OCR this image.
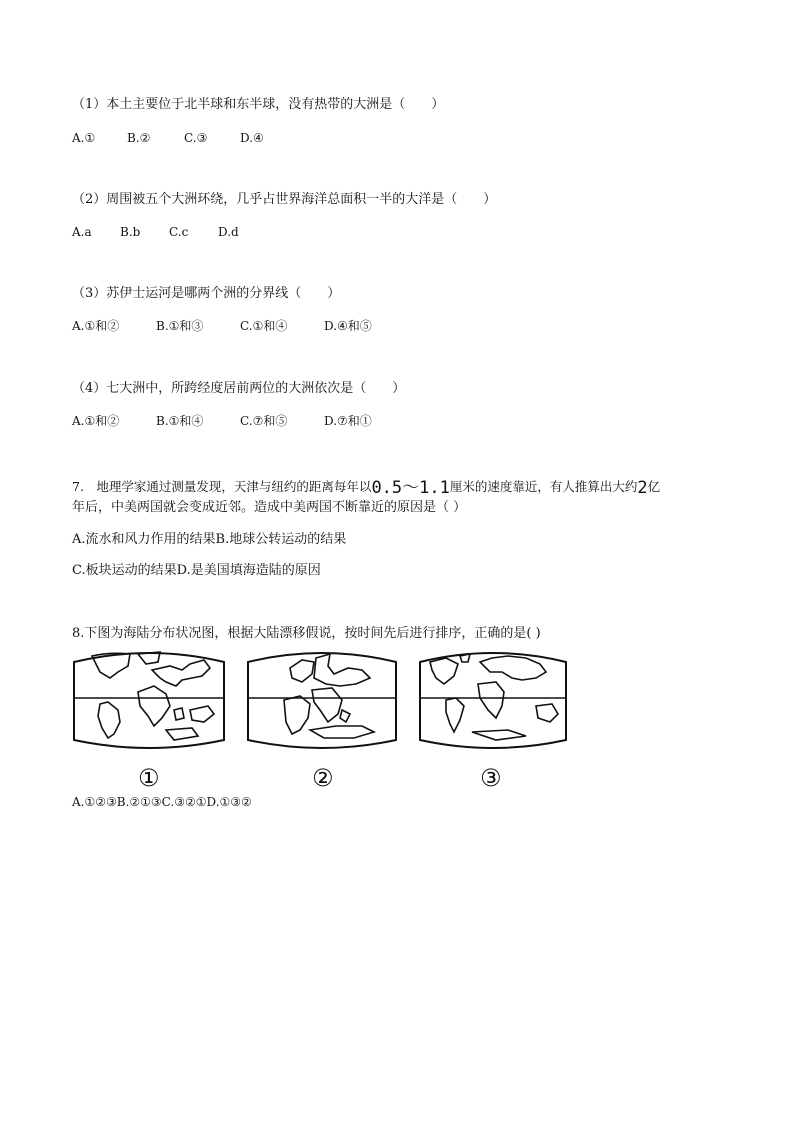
（1）本土主要位于北半球和东半球，没有热带的大洲是（　　）
A.①	B.②	C.③	D.④
（2）周围被五个大洲环绕，几乎占世界海洋总面积一半的大洋是（　　）
A.a B.b C.c D.d
（3）苏伊士运河是哪两个洲的分界线（　　）
A.①和②	B.①和③	C.①和④	D.④和⑤
（4）七大洲中，所跨经度居前两位的大洲依次是（　　）
A.①和②	B.①和④	C.⑦和⑤	D.⑦和①
7.　地理学家通过测量发现，天津与纽约的距离每年以0.5～1.1厘米的速度靠近，有人推算出大约2亿
年后，中美两国就会变成近邻。造成中美两国不断靠近的原因是（ ）
A.流水和风力作用的结果B.地球公转运动的结果
C.板块运动的结果D.是美国填海造陆的原因
8.下图为海陆分布状况图，根据大陆漂移假说，按时间先后进行排序，正确的是( )
①	②	③
A.①②③B.②①③C.③②①D.①③②
